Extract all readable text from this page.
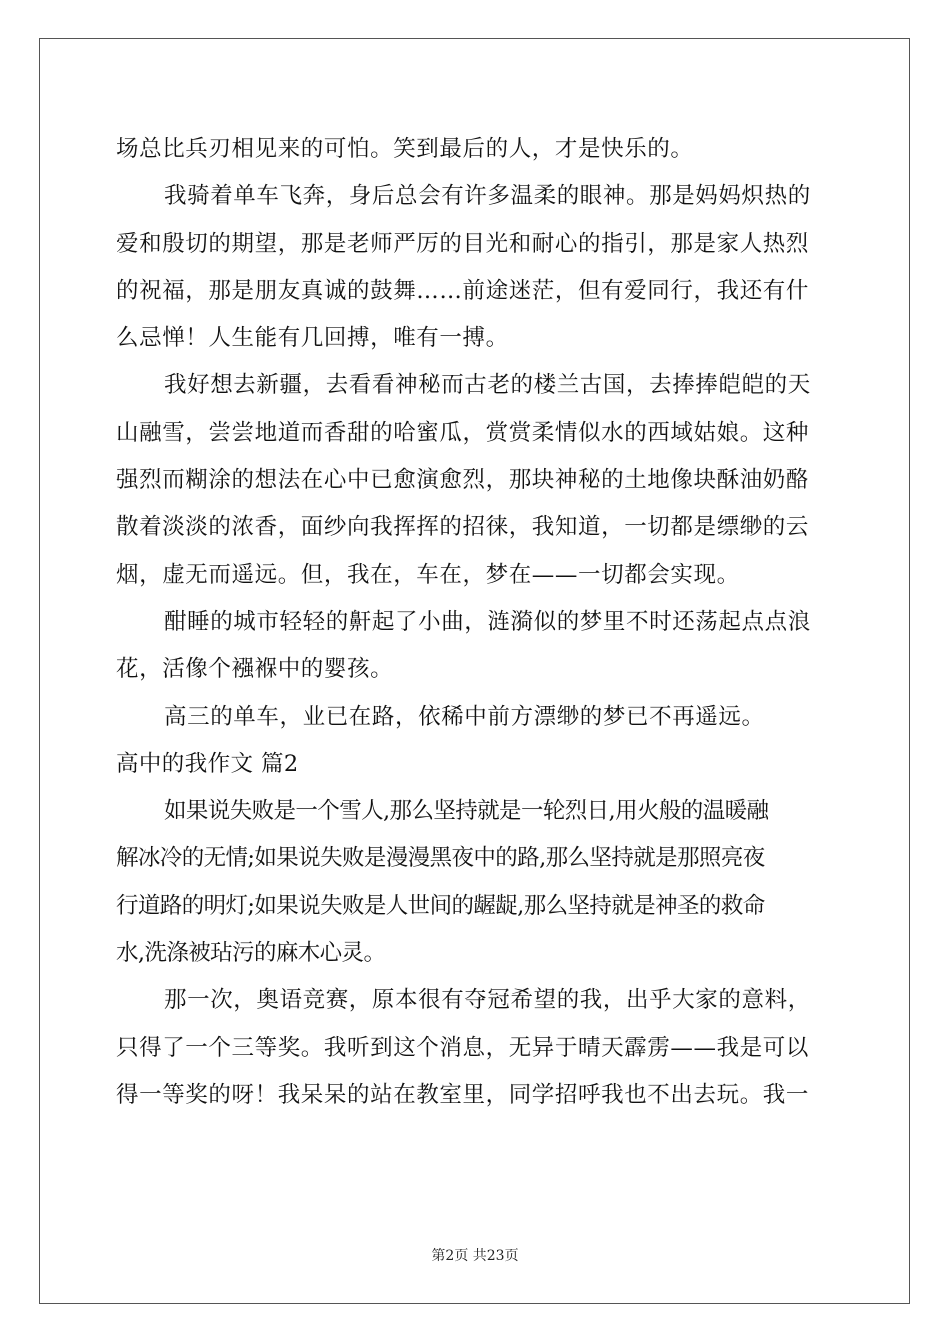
场总比兵刃相见来的可怕。笑到最后的人，才是快乐的。
我骑着单车飞奔，身后总会有许多温柔的眼神。那是妈妈炽热的
爱和殷切的期望，那是老师严厉的目光和耐心的指引，那是家人热烈
的祝福，那是朋友真诚的鼓舞……前途迷茫，但有爱同行，我还有什
么忌惮！人生能有几回搏，唯有一搏。
我好想去新疆，去看看神秘而古老的楼兰古国，去捧捧皑皑的天
山融雪，尝尝地道而香甜的哈蜜瓜，赏赏柔情似水的西域姑娘。这种
强烈而糊涂的想法在心中已愈演愈烈，那块神秘的土地像块酥油奶酪
散着淡淡的浓香，面纱向我挥挥的招徕，我知道，一切都是缥缈的云
烟，虚无而遥远。但，我在，车在，梦在——一切都会实现。
酣睡的城市轻轻的鼾起了小曲，涟漪似的梦里不时还荡起点点浪
花，活像个襁褓中的婴孩。
高三的单车，业已在路，依稀中前方漂缈的梦已不再遥远。
高中的我作文 篇2
如果说失败是一个雪人,那么坚持就是一轮烈日,用火般的温暖融
解冰冷的无情;如果说失败是漫漫黑夜中的路,那么坚持就是那照亮夜
行道路的明灯;如果说失败是人世间的龌龊,那么坚持就是神圣的救命
水,洗涤被玷污的麻木心灵。
那一次，奥语竞赛，原本很有夺冠希望的我，出乎大家的意料，
只得了一个三等奖。我听到这个消息，无异于晴天霹雳——我是可以
得一等奖的呀！我呆呆的站在教室里，同学招呼我也不出去玩。我一
第2页 共23页
